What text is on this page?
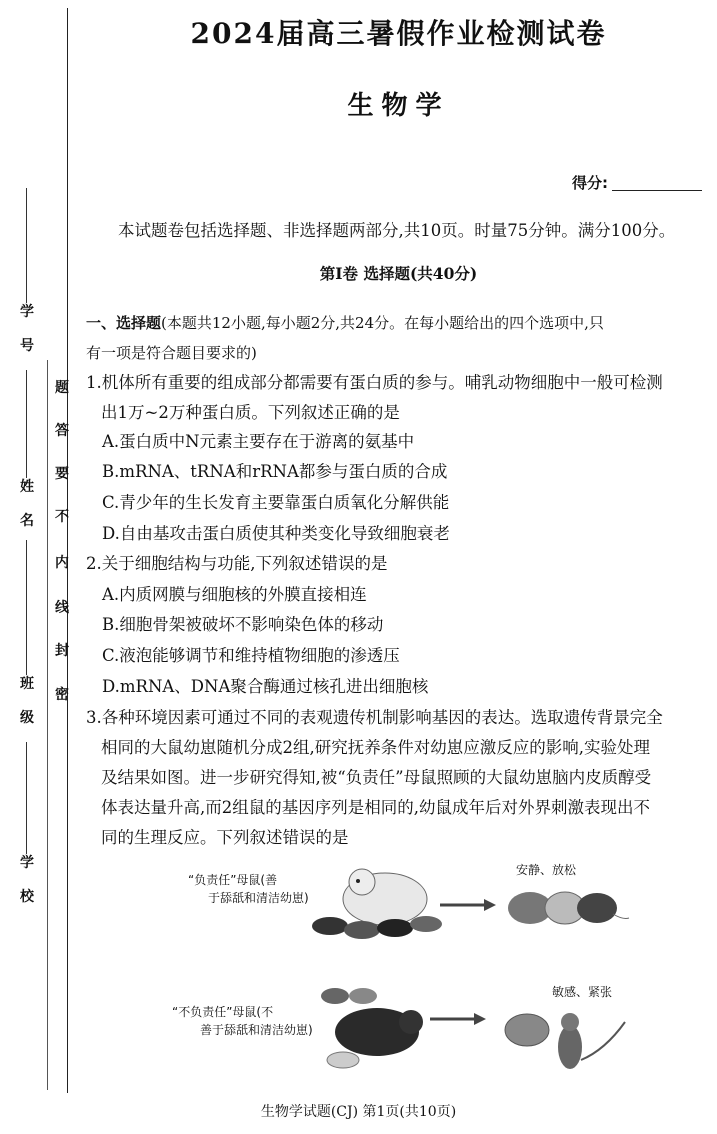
学
号
姓
名
班
级
学
校
题
答
要
不
内
线
封
密
2024届高三暑假作业检测试卷
生物学
得分:
本试题卷包括选择题、非选择题两部分,共10页。时量75分钟。满分100分。
第Ⅰ卷 选择题(共40分)
一、选择题(本题共12小题,每小题2分,共24分。在每小题给出的四个选项中,只
有一项是符合题目要求的)
1.机体所有重要的组成部分都需要有蛋白质的参与。哺乳动物细胞中一般可检测
出1万~2万种蛋白质。下列叙述正确的是
A.蛋白质中N元素主要存在于游离的氨基中
B.mRNA、tRNA和rRNA都参与蛋白质的合成
C.青少年的生长发育主要靠蛋白质氧化分解供能
D.自由基攻击蛋白质使其种类变化导致细胞衰老
2.关于细胞结构与功能,下列叙述错误的是
A.内质网膜与细胞核的外膜直接相连
B.细胞骨架被破坏不影响染色体的移动
C.液泡能够调节和维持植物细胞的渗透压
D.mRNA、DNA聚合酶通过核孔进出细胞核
3.各种环境因素可通过不同的表观遗传机制影响基因的表达。选取遗传背景完全
相同的大鼠幼崽随机分成2组,研究抚养条件对幼崽应激反应的影响,实验处理
及结果如图。进一步研究得知,被“负责任”母鼠照顾的大鼠幼崽脑内皮质醇受
体表达量升高,而2组鼠的基因序列是相同的,幼鼠成年后对外界刺激表现出不
同的生理反应。下列叙述错误的是
“负责任”母鼠(善
于舔舐和清洁幼崽)
安静、放松
“不负责任”母鼠(不
善于舔舐和清洁幼崽)
敏感、紧张
生物学试题(CJ) 第1页(共10页)
